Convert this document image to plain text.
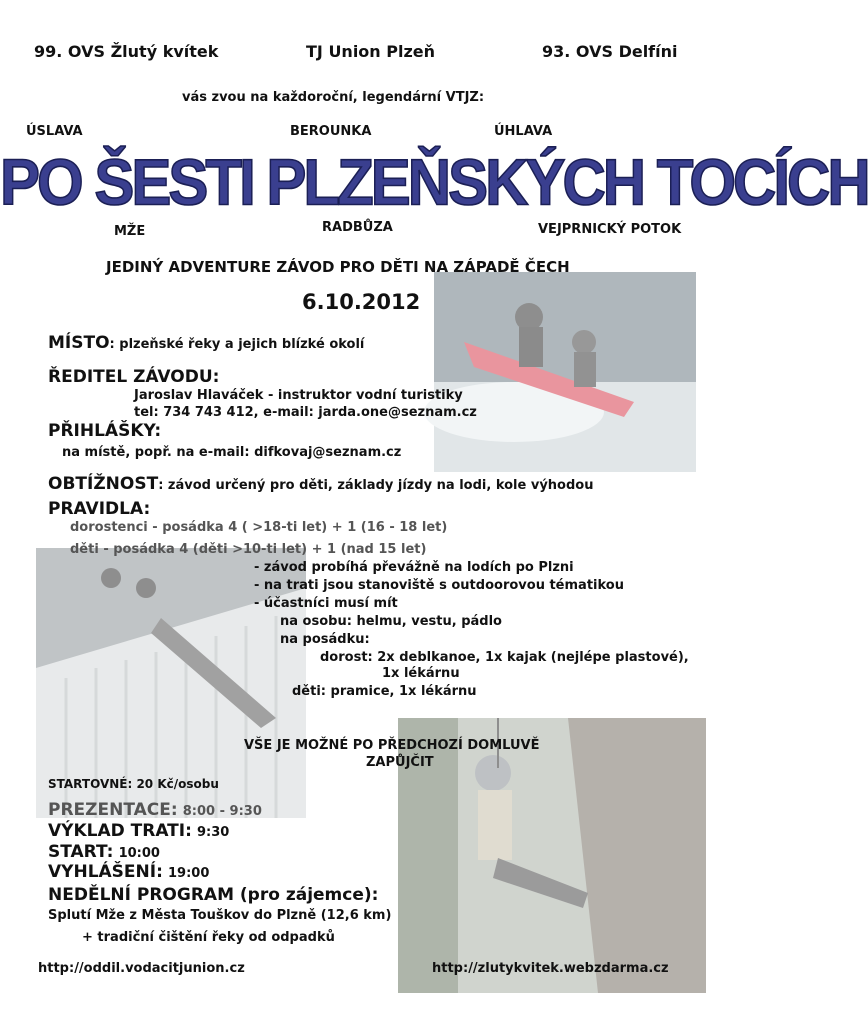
99. OVS Žlutý kvítek	TJ Union Plzeň	93. OVS Delfíni
vás zvou na každoroční, legendární VTJZ:
ÚSLAVA	BEROUNKA	ÚHLAVA
PO ŠESTI PLZEŇSKÝCH TOCÍCH
MŽE	RADBŮZA	VEJPRNICKÝ POTOK
JEDINÝ ADVENTURE ZÁVOD PRO DĚTI NA ZÁPADĚ ČECH
6.10.2012
MÍSTO: plzeňské řeky a jejich blízké okolí
ŘEDITEL ZÁVODU:
Jaroslav Hlaváček - instruktor vodní turistiky
tel: 734 743 412, e-mail: jarda.one@seznam.cz
PŘIHLÁŠKY:
na místě, popř. na e-mail: difkovaj@seznam.cz
OBTÍŽNOST: závod určený pro děti, základy jízdy na lodi, kole výhodou
PRAVIDLA:
dorostenci - posádka 4 ( >18-ti let) + 1 (16 - 18 let)
děti - posádka 4 (děti >10-ti let) + 1 (nad 15 let)
- závod probíhá převážně na lodích po Plzni
- na trati jsou stanoviště s outdoorovou tématikou
- účastníci musí mít
na osobu: helmu, vestu, pádlo
na posádku:
dorost: 2x deblkanoe, 1x kajak (nejlépe plastové),
1x lékárnu
děti: pramice, 1x lékárnu
VŠE JE MOŽNÉ PO PŘEDCHOZÍ DOMLUVĚ
ZAPŮJČIT
STARTOVNÉ: 20 Kč/osobu
PREZENTACE: 8:00 - 9:30
VÝKLAD TRATI: 9:30
START: 10:00
VYHLÁŠENÍ: 19:00
NEDĚLNÍ PROGRAM (pro zájemce):
Splutí Mže z Města Touškov do Plzně (12,6 km)
+ tradiční čištění řeky od odpadků
http://oddil.vodacitjunion.cz	http://zlutykvitek.webzdarma.cz
